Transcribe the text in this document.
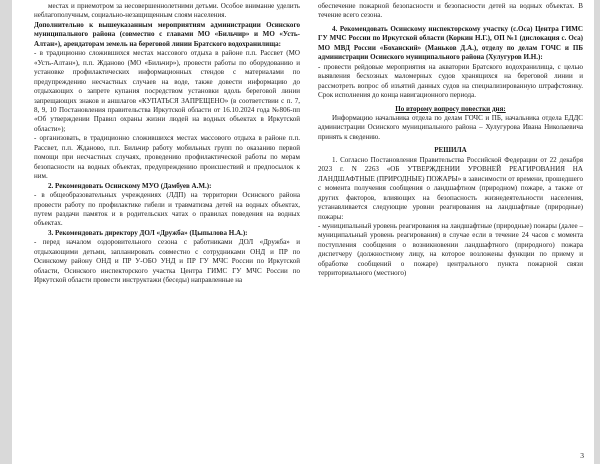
местах и приемотром за несовершеннолетними детьми. Особое вниманне уделить неблагополучным, социально-незащищенным слоям населения.

Дополнительно к вышеуказанным мероприятиям администрации Осинского муниципального района (совместно с главами МО «Бильчир» и МО «Усть-Алтан»), арендаторам земель на береговой линии Братского водохранилища:

- в традиционно сложившихся местах массового отдыха в районе п.п. Рассвет (МО «Усть-Алтан»), п.п. Жданово (МО «Бильчир»), провести работы по оборудованию и установке профилактических информационных стендов с материалами по предупреждению несчастных случаев на воде, также довести информацию до отдыхающих о запрете купания посредством установки вдоль береговой линии запрещающих знаков и аншлагов «КУПАТЬСЯ ЗАПРЕЩЕНО» (в соответствии с п. 7, 8, 9, 10 Постановления правительства Иркутской области от 16.10.2024 года №806-пп «Об утверждении Правил охраны жизни людей на водных объектах в Иркутской области»);

- организовать, в традиционно сложившихся местах массового отдыха в районе п.п. Рассвет, п.п. Жданово, п.п. Бильчир работу мобильных групп по оказанию первой помощи при несчастных случаях, проведению профилактической работы по мерам безопасности на водных объектах, предупреждению происшествий и предпосылок к ним.

2. Рекомендовать Осинскому МУО (Дамбуев А.М.):

- в общеобразовательных учреждениях (ЛДП) на территории Осинского района провести работу по профилактике гибели и травматизма детей на водных объектах, путем раздачи памяток и в родительских чатах о правилах поведения на водных объектах.

3. Рекомендовать директору ДОЛ «Дружба» (Цыпылова Н.А.):

- перед началом оздоровительного сезона с работниками ДОЛ «Дружба» и отдыхающими детьми, запланировать совместно с сотрудниками ОНД и ПР по Осинскому району ОНД и ПР У-ОБО УНД и ПР ГУ МЧС России по Иркутской области, Осинского инспекторского участка Центра ГИМС ГУ МЧС России по Иркутской области провести инструктажи (беседы) направленные на

обеспечение пожарной безопасности и безопасности детей на водных объектах. В течение всего сезона.

4. Рекомендовать Осинскому инспекторскому участку (с.Оса) Центра ГИМС ГУ МЧС России по Иркутской области (Коркин Н.Г.), ОП №1 (дислокация с. Оса) МО МВД России «Боханский» (Маньков Д.А.), отделу по делам ГОЧС и ПБ администрации Осинского муниципального района (Хулугуров И.Н.):

- провести рейдовые мероприятия на акватории Братского водохранилища, с целью выявления бесхозных маломерных судов хранящихся на береговой линии и рассмотреть вопрос об изъятий данных судов на специализированную штрафстоянку. Срок исполнения до конца навигационного периода.

По второму вопросу повестки дня:

Информацию начальника отдела по делам ГОЧС и ПБ, начальника отдела ЕДДС администрации Осинского муниципального района – Хулугурова Ивана Николаевича принять к сведению.

РЕШИЛА

1. Согласно Постановления Правительства Российской Федерации от 22 декабря 2023 г. N 2263 «ОБ УТВЕРЖДЕНИИ УРОВНЕЙ РЕАГИРОВАНИЯ НА ЛАНДШАФТНЫЕ (ПРИРОДНЫЕ) ПОЖАРЫ» в зависимости от времени, прошедшего с момента получения сообщения о ландшафтном (природном) пожаре, а также от других факторов, влияющих на безопасность жизнедеятельности населения, устанавливается следующие уровни реагирования на ландшафтные (природные) пожары:

- муниципальный уровень реагирования на ландшафтные (природные) пожары (далее – муниципальный уровень реагирования) в случае если в течение 24 часов с момента поступления сообщения о возникновении ландшафтного (природного) пожара диспетчеру (должностному лицу, на которое возложены функции по приему и обработке сообщений о пожаре) центрального пункта пожарной связи территориального (местного)

3
